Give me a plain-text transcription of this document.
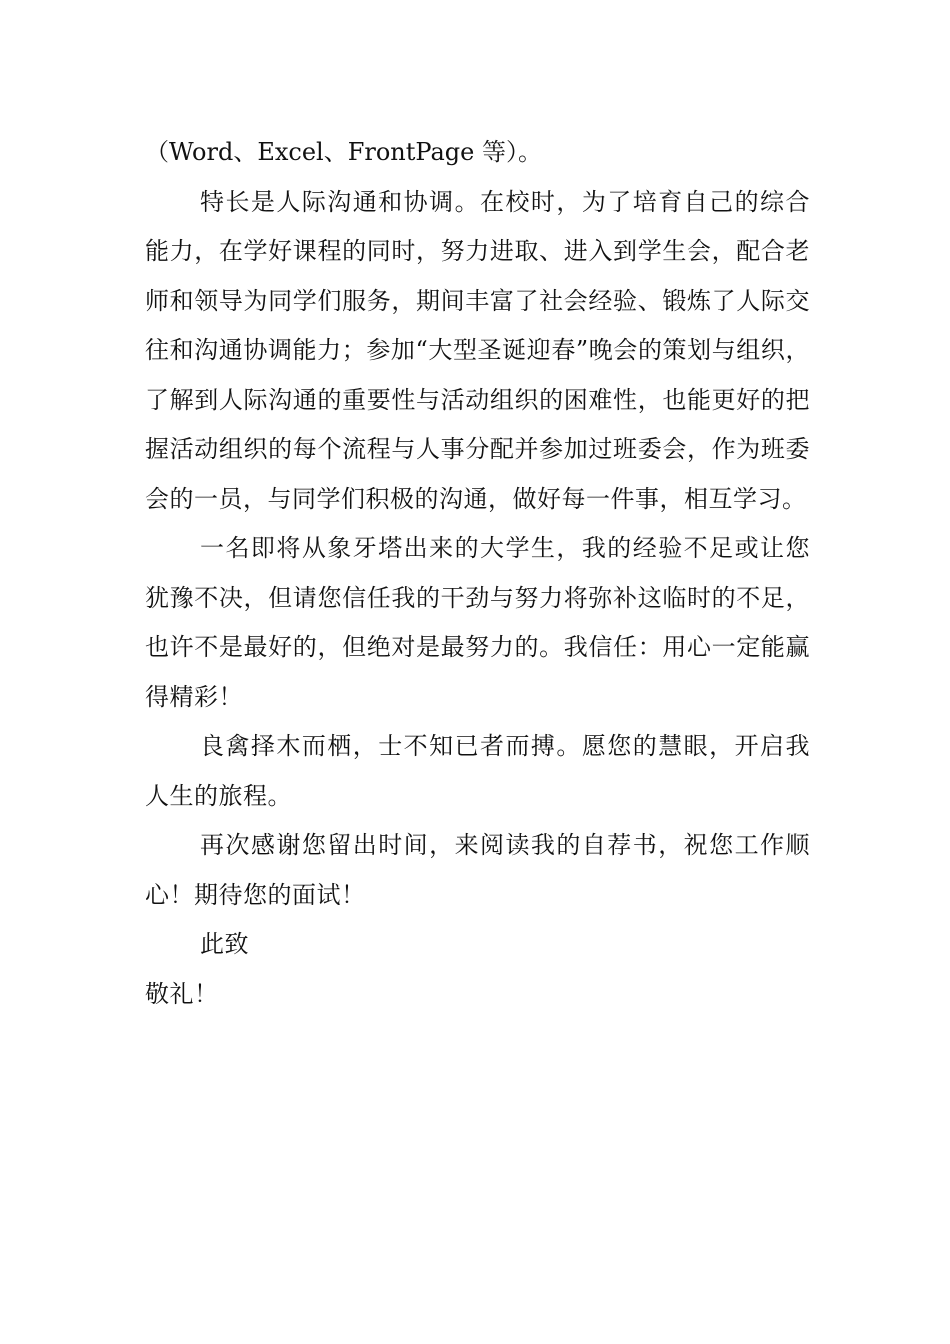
（Word、Excel、FrontPage 等）。

特长是人际沟通和协调。在校时，为了培育自己的综合能力，在学好课程的同时，努力进取、进入到学生会，配合老师和领导为同学们服务，期间丰富了社会经验、锻炼了人际交往和沟通协调能力；参加“大型圣诞迎春”晚会的策划与组织，了解到人际沟通的重要性与活动组织的困难性，也能更好的把握活动组织的每个流程与人事分配并参加过班委会，作为班委会的一员，与同学们积极的沟通，做好每一件事，相互学习。

一名即将从象牙塔出来的大学生，我的经验不足或让您犹豫不决，但请您信任我的干劲与努力将弥补这临时的不足，也许不是最好的，但绝对是最努力的。我信任：用心一定能赢得精彩！

良禽择木而栖，士不知已者而搏。愿您的慧眼，开启我人生的旅程。

再次感谢您留出时间，来阅读我的自荐书，祝您工作顺心！期待您的面试！

此致

敬礼！
